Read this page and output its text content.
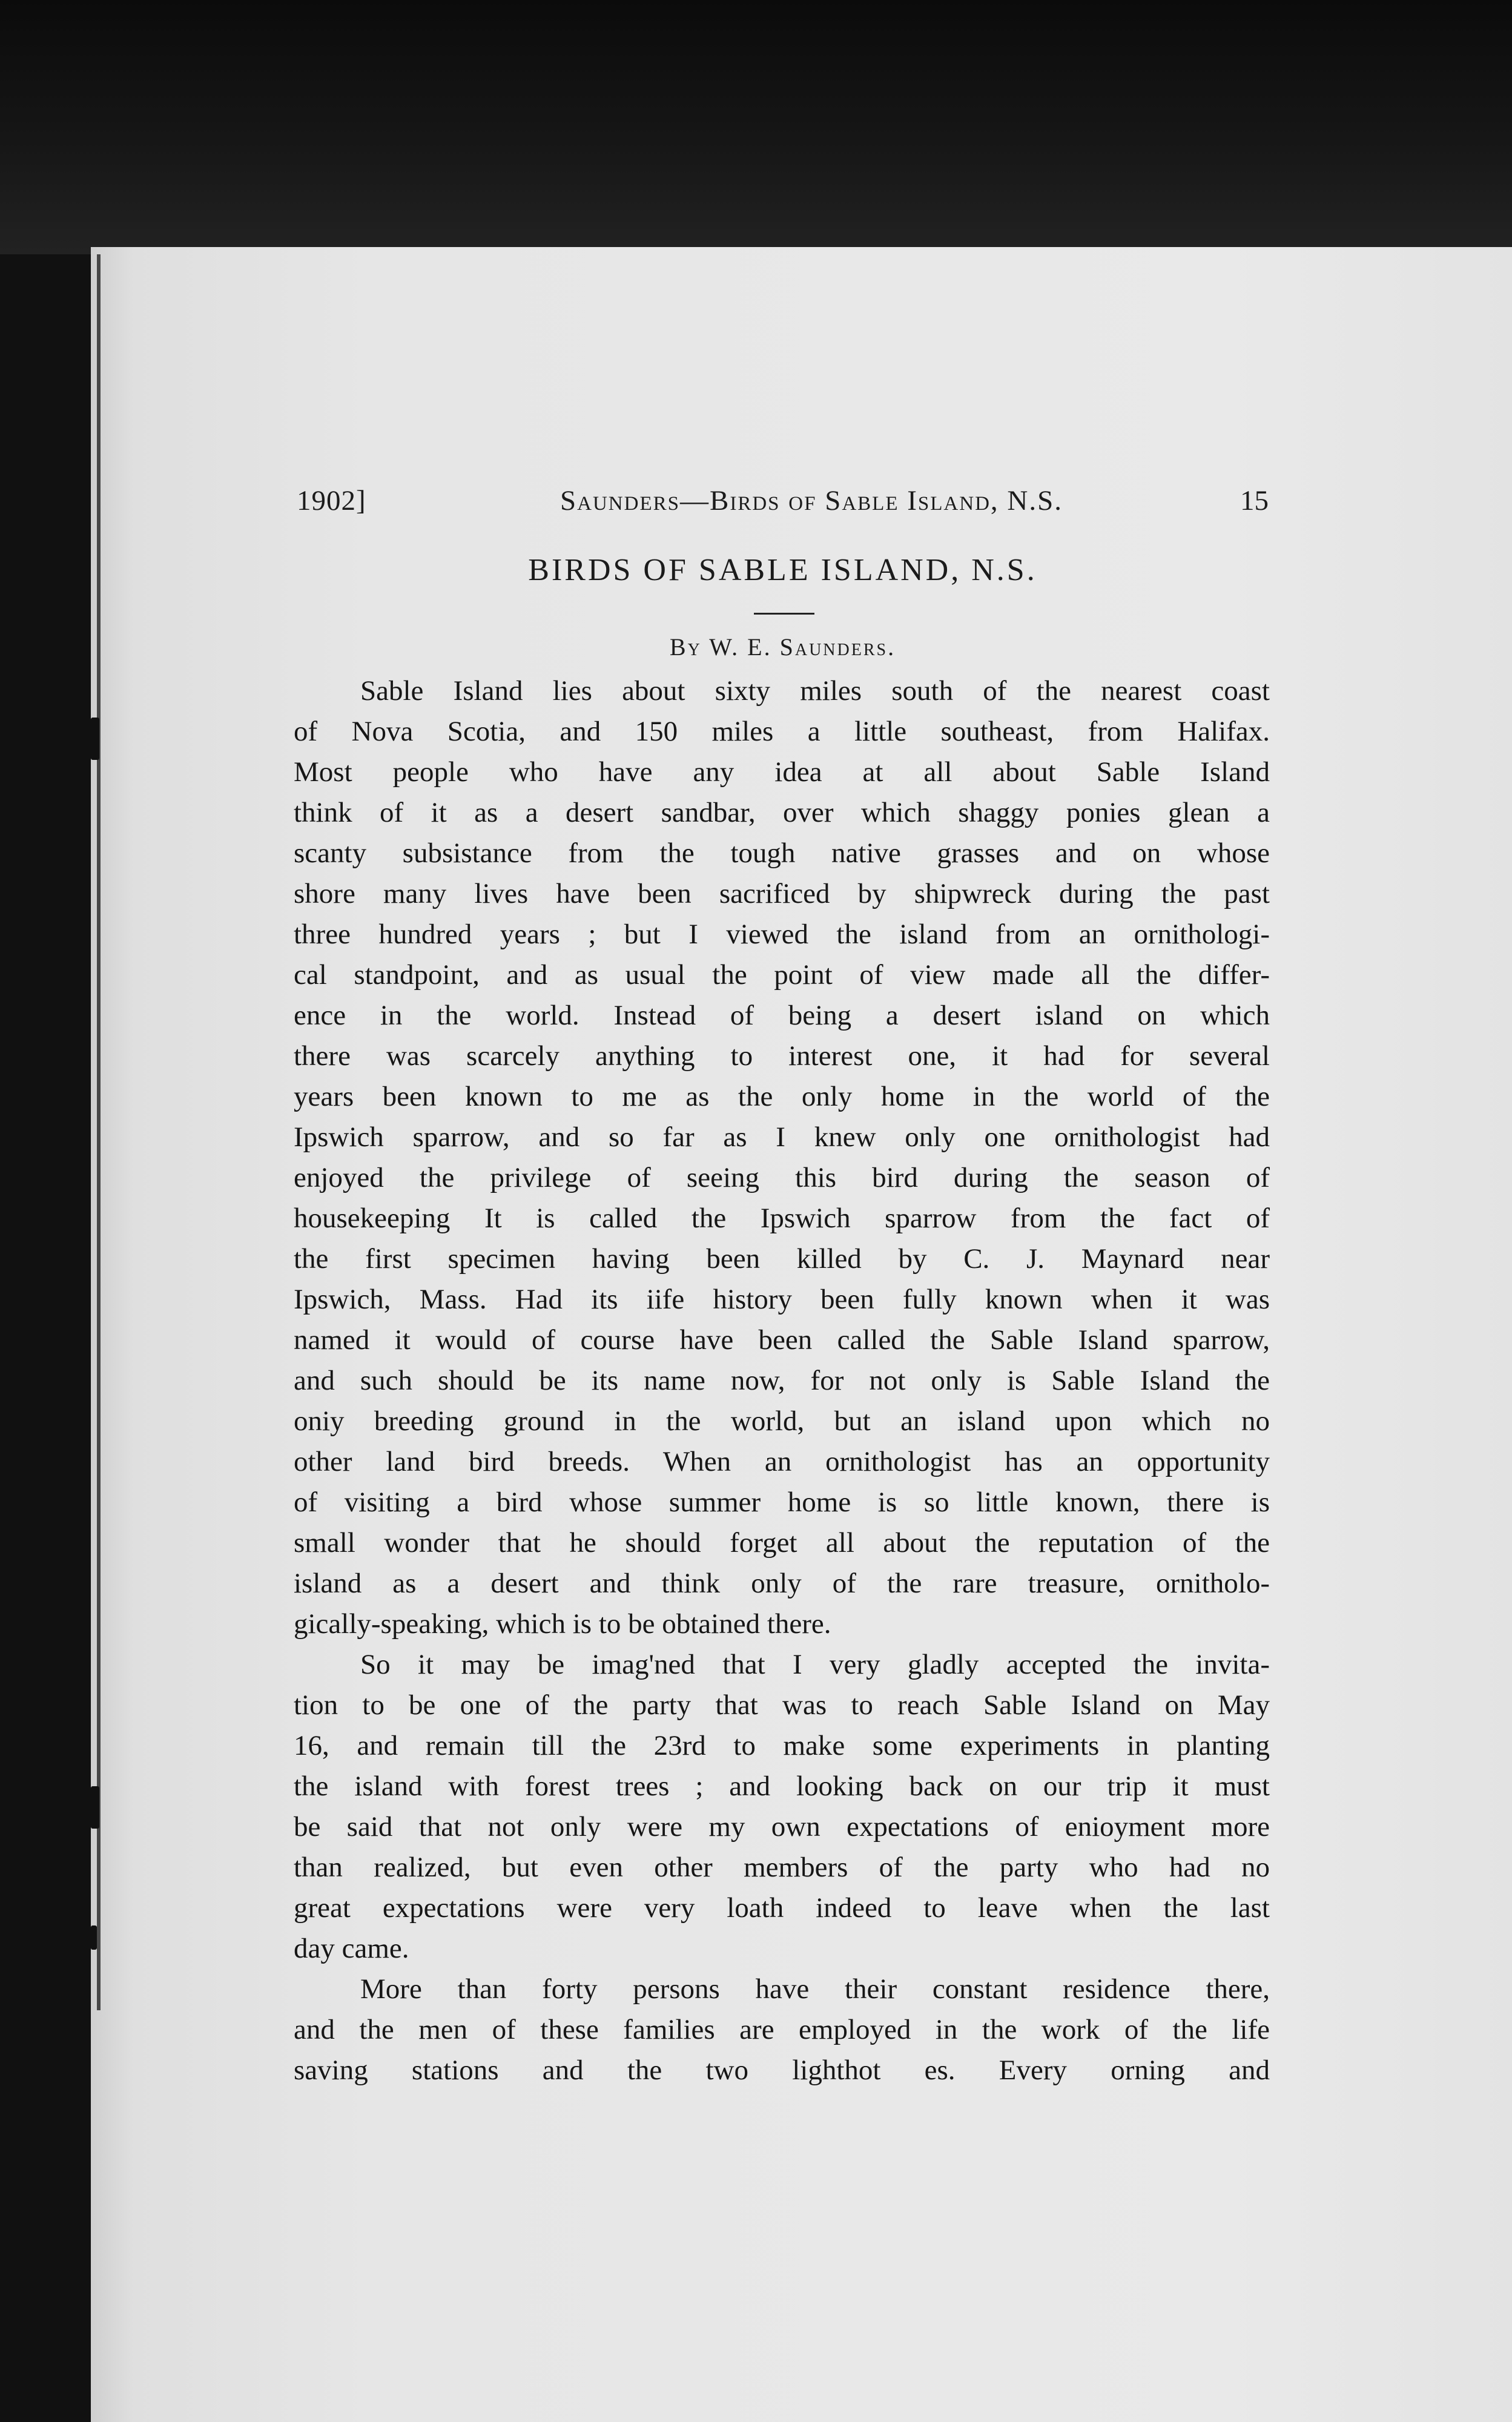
1902]	Saunders—Birds of Sable Island, N.S.	15
BIRDS OF SABLE ISLAND, N.S.
By W. E. Saunders.
Sable Island lies about sixty miles south of the nearest coast
of Nova Scotia, and 150 miles a little southeast, from Halifax.
Most people who have any idea at all about Sable Island
think of it as a desert sandbar, over which shaggy ponies glean a
scanty subsistance from the tough native grasses and on whose
shore many lives have been sacrificed by shipwreck during the past
three hundred years ; but I viewed the island from an ornithologi-
cal standpoint, and as usual the point of view made all the differ-
ence in the world. Instead of being a desert island on which
there was scarcely anything to interest one, it had for several
years been known to me as the only home in the world of the
Ipswich sparrow, and so far as I knew only one ornithologist had
enjoyed the privilege of seeing this bird during the season of
housekeeping It is called the Ipswich sparrow from the fact of
the first specimen having been killed by C. J. Maynard near
Ipswich, Mass. Had its iife history been fully known when it was
named it would of course have been called the Sable Island sparrow,
and such should be its name now, for not only is Sable Island the
oniy breeding ground in the world, but an island upon which no
other land bird breeds. When an ornithologist has an opportunity
of visiting a bird whose summer home is so little known, there is
small wonder that he should forget all about the reputation of the
island as a desert and think only of the rare treasure, ornitholo-
gically-speaking, which is to be obtained there.
So it may be imag'ned that I very gladly accepted the invita-
tion to be one of the party that was to reach Sable Island on May
16, and remain till the 23rd to make some experiments in planting
the island with forest trees ; and looking back on our trip it must
be said that not only were my own expectations of enioyment more
than realized, but even other members of the party who had no
great expectations were very loath indeed to leave when the last
day came.
More than forty persons have their constant residence there,
and the men of these families are employed in the work of the life
saving stations and the two lighthot es. Every orning and
